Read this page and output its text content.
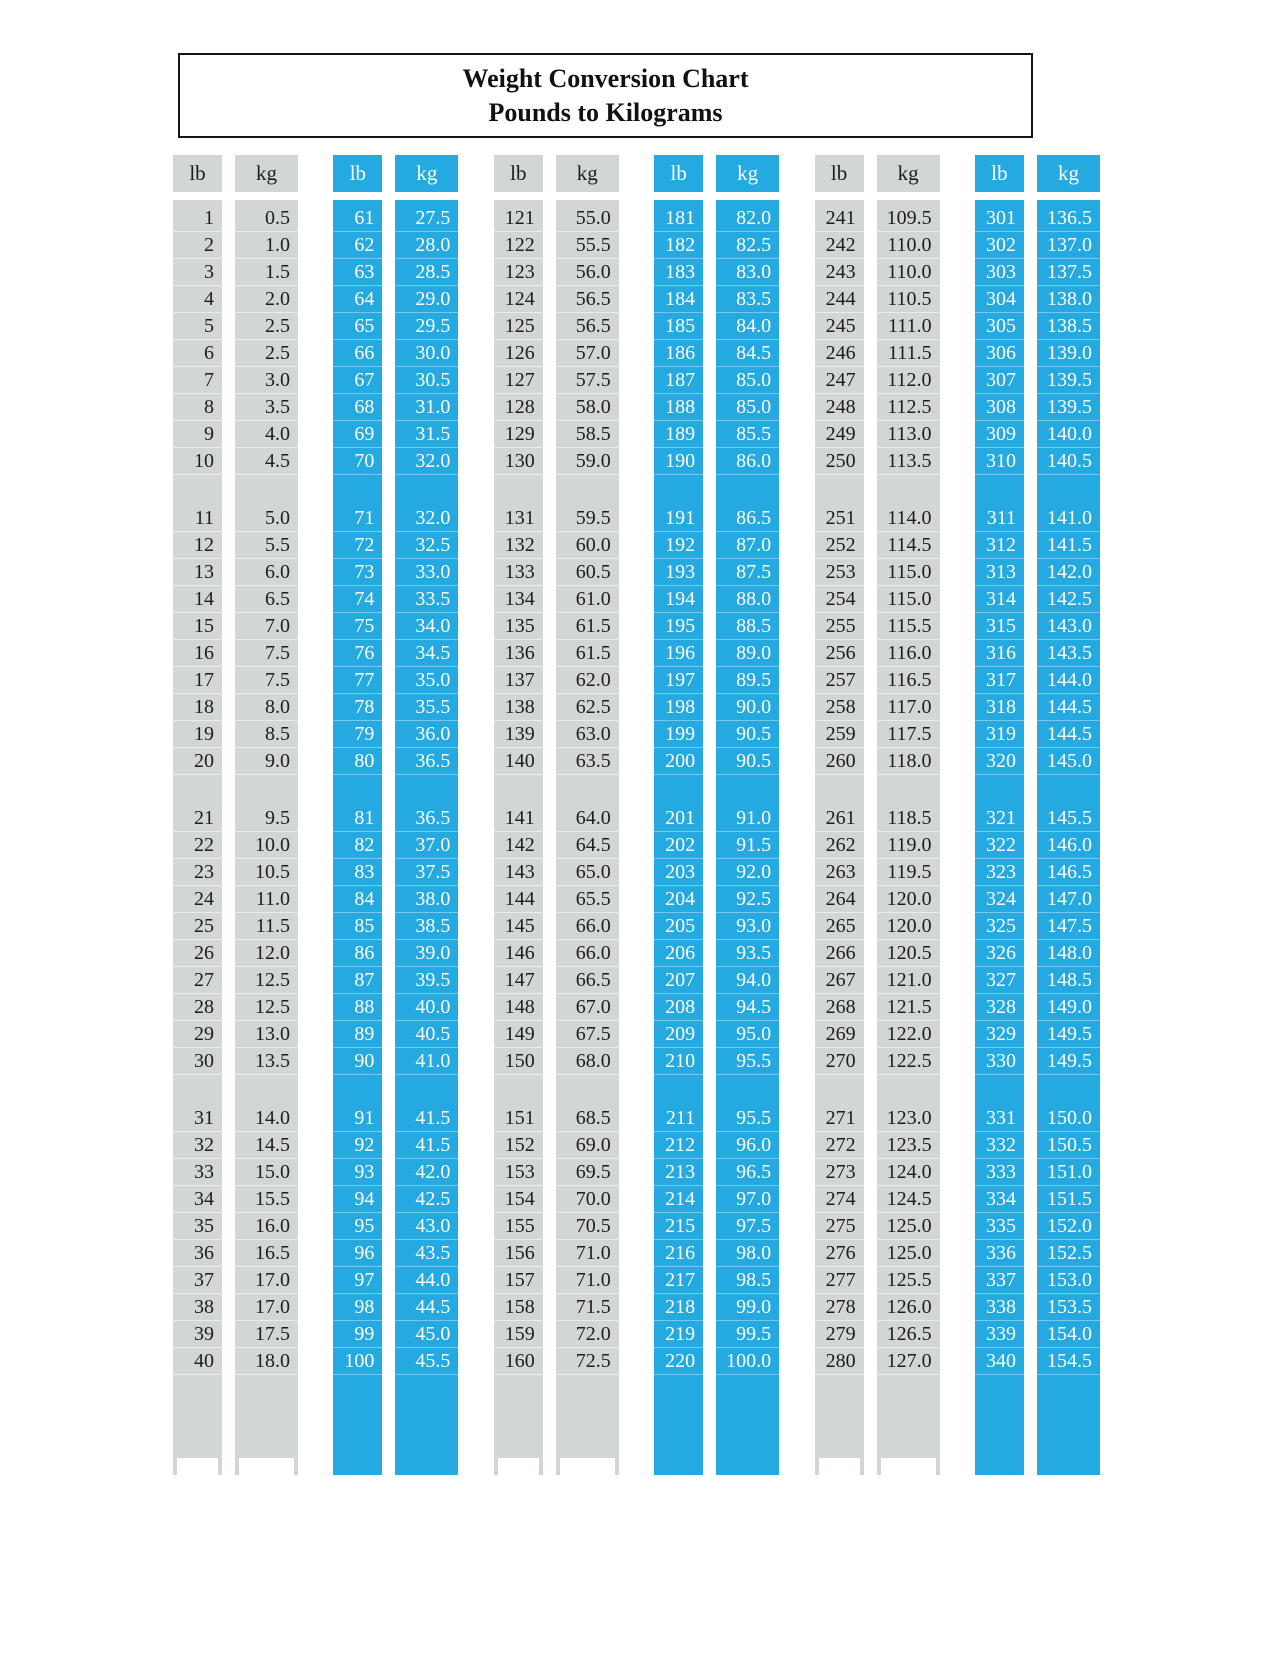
Weight Conversion Chart
Pounds to Kilograms
lb
1
2
3
4
5
6
7
8
9
10
11
12
13
14
15
16
17
18
19
20
21
22
23
24
25
26
27
28
29
30
31
32
33
34
35
36
37
38
39
40
kg
0.5
1.0
1.5
2.0
2.5
2.5
3.0
3.5
4.0
4.5
5.0
5.5
6.0
6.5
7.0
7.5
7.5
8.0
8.5
9.0
9.5
10.0
10.5
11.0
11.5
12.0
12.5
12.5
13.0
13.5
14.0
14.5
15.0
15.5
16.0
16.5
17.0
17.0
17.5
18.0
lb
61
62
63
64
65
66
67
68
69
70
71
72
73
74
75
76
77
78
79
80
81
82
83
84
85
86
87
88
89
90
91
92
93
94
95
96
97
98
99
100
kg
27.5
28.0
28.5
29.0
29.5
30.0
30.5
31.0
31.5
32.0
32.0
32.5
33.0
33.5
34.0
34.5
35.0
35.5
36.0
36.5
36.5
37.0
37.5
38.0
38.5
39.0
39.5
40.0
40.5
41.0
41.5
41.5
42.0
42.5
43.0
43.5
44.0
44.5
45.0
45.5
lb
121
122
123
124
125
126
127
128
129
130
131
132
133
134
135
136
137
138
139
140
141
142
143
144
145
146
147
148
149
150
151
152
153
154
155
156
157
158
159
160
kg
55.0
55.5
56.0
56.5
56.5
57.0
57.5
58.0
58.5
59.0
59.5
60.0
60.5
61.0
61.5
61.5
62.0
62.5
63.0
63.5
64.0
64.5
65.0
65.5
66.0
66.0
66.5
67.0
67.5
68.0
68.5
69.0
69.5
70.0
70.5
71.0
71.0
71.5
72.0
72.5
lb
181
182
183
184
185
186
187
188
189
190
191
192
193
194
195
196
197
198
199
200
201
202
203
204
205
206
207
208
209
210
211
212
213
214
215
216
217
218
219
220
kg
82.0
82.5
83.0
83.5
84.0
84.5
85.0
85.0
85.5
86.0
86.5
87.0
87.5
88.0
88.5
89.0
89.5
90.0
90.5
90.5
91.0
91.5
92.0
92.5
93.0
93.5
94.0
94.5
95.0
95.5
95.5
96.0
96.5
97.0
97.5
98.0
98.5
99.0
99.5
100.0
lb
241
242
243
244
245
246
247
248
249
250
251
252
253
254
255
256
257
258
259
260
261
262
263
264
265
266
267
268
269
270
271
272
273
274
275
276
277
278
279
280
kg
109.5
110.0
110.0
110.5
111.0
111.5
112.0
112.5
113.0
113.5
114.0
114.5
115.0
115.0
115.5
116.0
116.5
117.0
117.5
118.0
118.5
119.0
119.5
120.0
120.0
120.5
121.0
121.5
122.0
122.5
123.0
123.5
124.0
124.5
125.0
125.0
125.5
126.0
126.5
127.0
lb
301
302
303
304
305
306
307
308
309
310
311
312
313
314
315
316
317
318
319
320
321
322
323
324
325
326
327
328
329
330
331
332
333
334
335
336
337
338
339
340
kg
136.5
137.0
137.5
138.0
138.5
139.0
139.5
139.5
140.0
140.5
141.0
141.5
142.0
142.5
143.0
143.5
144.0
144.5
144.5
145.0
145.5
146.0
146.5
147.0
147.5
148.0
148.5
149.0
149.5
149.5
150.0
150.5
151.0
151.5
152.0
152.5
153.0
153.5
154.0
154.5
